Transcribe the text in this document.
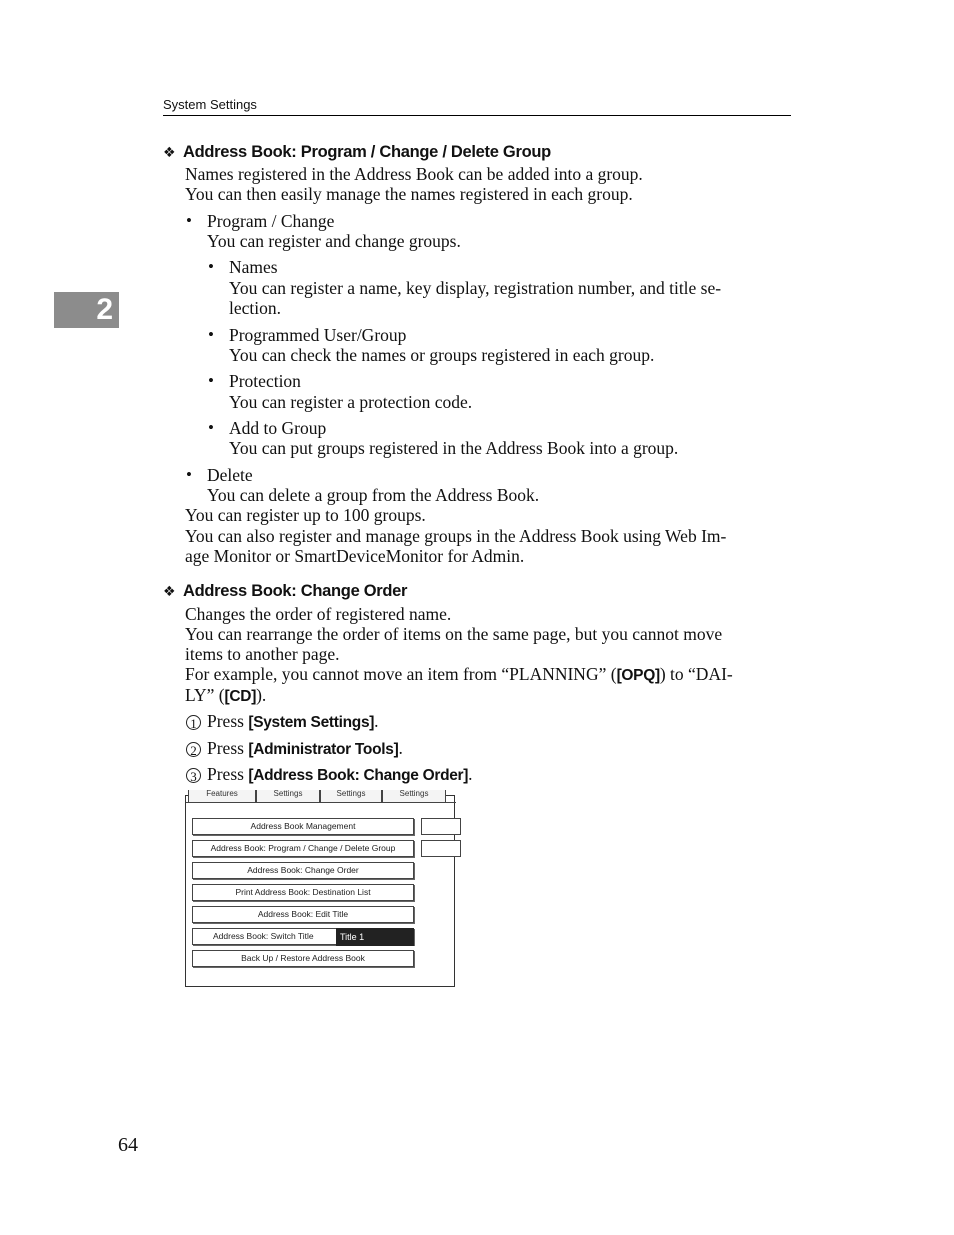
System Settings
2
❖ Address Book: Program / Change / Delete Group
Names registered in the Address Book can be added into a group.
You can then easily manage the names registered in each group.
• Program / Change
You can register and change groups.
• Names
You can register a name, key display, registration number, and title se-
lection.
• Programmed User/Group
You can check the names or groups registered in each group.
• Protection
You can register a protection code.
• Add to Group
You can put groups registered in the Address Book into a group.
• Delete
You can delete a group from the Address Book.
You can register up to 100 groups.
You can also register and manage groups in the Address Book using Web Im-
age Monitor or SmartDeviceMonitor for Admin.
❖ Address Book: Change Order
Changes the order of registered name.
You can rearrange the order of items on the same page, but you cannot move
items to another page.
For example, you cannot move an item from “PLANNING” ([OPQ]) to “DAI-
LY” ([CD]).
1 Press [System Settings].
2 Press [Administrator Tools].
3 Press [Address Book: Change Order].
Features	Settings	Settings	Settings
Address Book Management
Address Book: Program / Change / Delete Group
Address Book: Change Order
Print Address Book: Destination List
Address Book: Edit Title
Address Book: Switch Title	Title 1
Back Up / Restore Address Book
64
